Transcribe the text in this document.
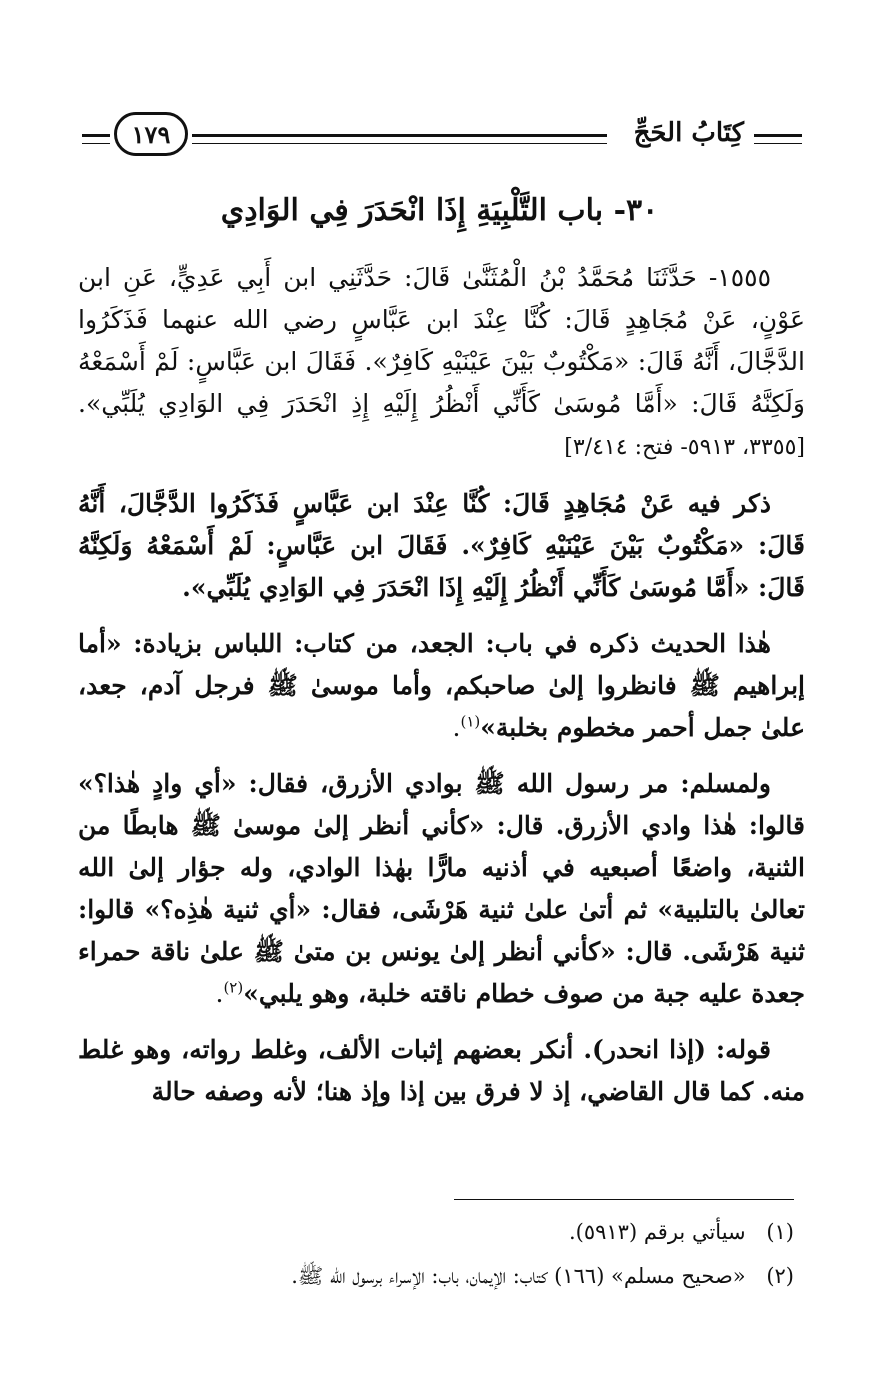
كِتَابُ الحَجِّ
١٧٩
٣٠- باب التَّلْبِيَةِ إِذَا انْحَدَرَ فِي الوَادِي

١٥٥٥- حَدَّثَنَا مُحَمَّدُ بْنُ الْمُثَنَّىٰ قَالَ: حَدَّثَنِي ابن أَبِي عَدِيٍّ، عَنِ ابن عَوْنٍ، عَنْ مُجَاهِدٍ قَالَ: كُنَّا عِنْدَ ابن عَبَّاسٍ رضي الله عنهما فَذَكَرُوا الدَّجَّالَ، أَنَّهُ قَالَ: «مَكْتُوبٌ بَيْنَ عَيْنَيْهِ كَافِرٌ». فَقَالَ ابن عَبَّاسٍ: لَمْ أَسْمَعْهُ وَلَكِنَّهُ قَالَ: «أَمَّا مُوسَىٰ كَأَنِّي أَنْظُرُ إِلَيْهِ إِذِ انْحَدَرَ فِي الوَادِي يُلَبِّي». [٣٣٥٥، ٥٩١٣- فتح: ٣/٤١٤]

ذكر فيه عَنْ مُجَاهِدٍ قَالَ: كُنَّا عِنْدَ ابن عَبَّاسٍ فَذَكَرُوا الدَّجَّالَ، أَنَّهُ قَالَ: «مَكْتُوبٌ بَيْنَ عَيْنَيْهِ كَافِرٌ». فَقَالَ ابن عَبَّاسٍ: لَمْ أَسْمَعْهُ وَلَكِنَّهُ قَالَ: «أَمَّا مُوسَىٰ كَأَنِّي أَنْظُرُ إِلَيْهِ إِذَا انْحَدَرَ فِي الوَادِي يُلَبِّي».

هٰذا الحديث ذكره في باب: الجعد، من كتاب: اللباس بزيادة: «أما إبراهيم ﷺ فانظروا إلىٰ صاحبكم، وأما موسىٰ ﷺ فرجل آدم، جعد، علىٰ جمل أحمر مخطوم بخلبة»$^{(١)}$.

ولمسلم: مر رسول الله ﷺ بوادي الأزرق، فقال: «أي وادٍ هٰذا؟» قالوا: هٰذا وادي الأزرق. قال: «كأني أنظر إلىٰ موسىٰ ﷺ هابطًا من الثنية، واضعًا أصبعيه في أذنيه مارًّا بهٰذا الوادي، وله جؤار إلىٰ الله تعالىٰ بالتلبية» ثم أتىٰ علىٰ ثنية هَرْشَى، فقال: «أي ثنية هٰذِه؟» قالوا: ثنية هَرْشَى. قال: «كأني أنظر إلىٰ يونس بن متىٰ ﷺ علىٰ ناقة حمراء جعدة عليه جبة من صوف خطام ناقته خلبة، وهو يلبي»$^{(٢)}$.

قوله: (إذا انحدر). أنكر بعضهم إثبات الألف، وغلط رواته، وهو غلط منه. كما قال القاضي، إذ لا فرق بين إذا وإذ هنا؛ لأنه وصفه حالة

(١) سيأتي برقم (٥٩١٣).
(٢) «صحيح مسلم» (١٦٦) كتاب: الإيمان، باب: الإسراء برسول الله ﷺ.
